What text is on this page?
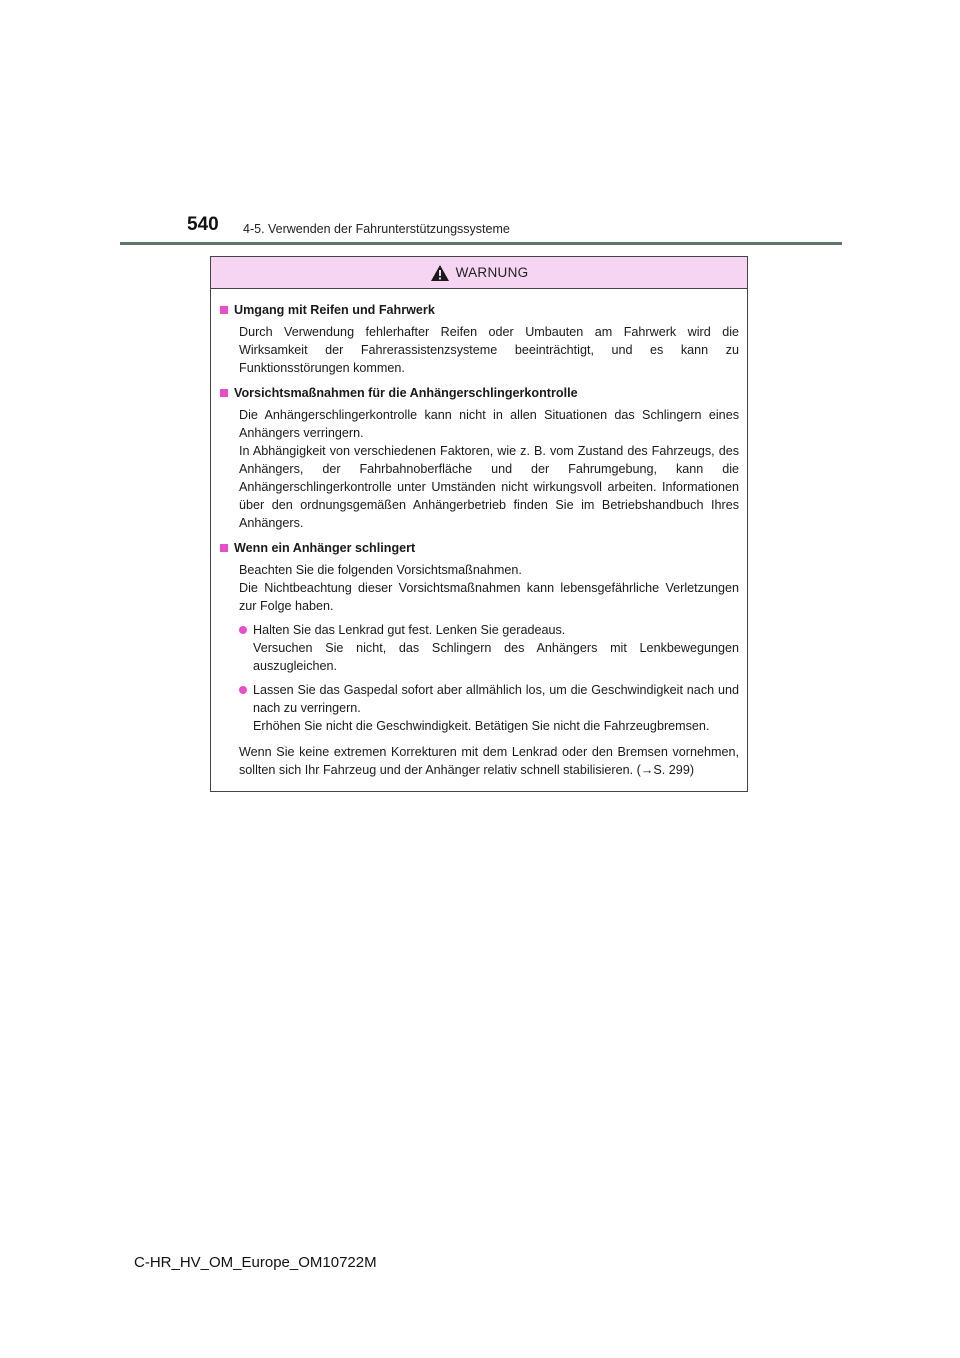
540 4-5. Verwenden der Fahrunterstützungssysteme
WARNUNG
Umgang mit Reifen und Fahrwerk
Durch Verwendung fehlerhafter Reifen oder Umbauten am Fahrwerk wird die Wirksamkeit der Fahrerassistenzsysteme beeinträchtigt, und es kann zu Funktionsstörungen kommen.
Vorsichtsmaßnahmen für die Anhängerschlingerkontrolle
Die Anhängerschlingerkontrolle kann nicht in allen Situationen das Schlingern eines Anhängers verringern.
In Abhängigkeit von verschiedenen Faktoren, wie z. B. vom Zustand des Fahrzeugs, des Anhängers, der Fahrbahnoberfläche und der Fahrumgebung, kann die Anhängerschlingerkontrolle unter Umständen nicht wirkungsvoll arbeiten. Informationen über den ordnungsgemäßen Anhängerbetrieb finden Sie im Betriebshandbuch Ihres Anhängers.
Wenn ein Anhänger schlingert
Beachten Sie die folgenden Vorsichtsmaßnahmen.
Die Nichtbeachtung dieser Vorsichtsmaßnahmen kann lebensgefährliche Verletzungen zur Folge haben.
Halten Sie das Lenkrad gut fest. Lenken Sie geradeaus.
Versuchen Sie nicht, das Schlingern des Anhängers mit Lenkbewegungen auszugleichen.
Lassen Sie das Gaspedal sofort aber allmählich los, um die Geschwindigkeit nach und nach zu verringern.
Erhöhen Sie nicht die Geschwindigkeit. Betätigen Sie nicht die Fahrzeugbremsen.
Wenn Sie keine extremen Korrekturen mit dem Lenkrad oder den Bremsen vornehmen, sollten sich Ihr Fahrzeug und der Anhänger relativ schnell stabilisieren. (→S. 299)
C-HR_HV_OM_Europe_OM10722M
